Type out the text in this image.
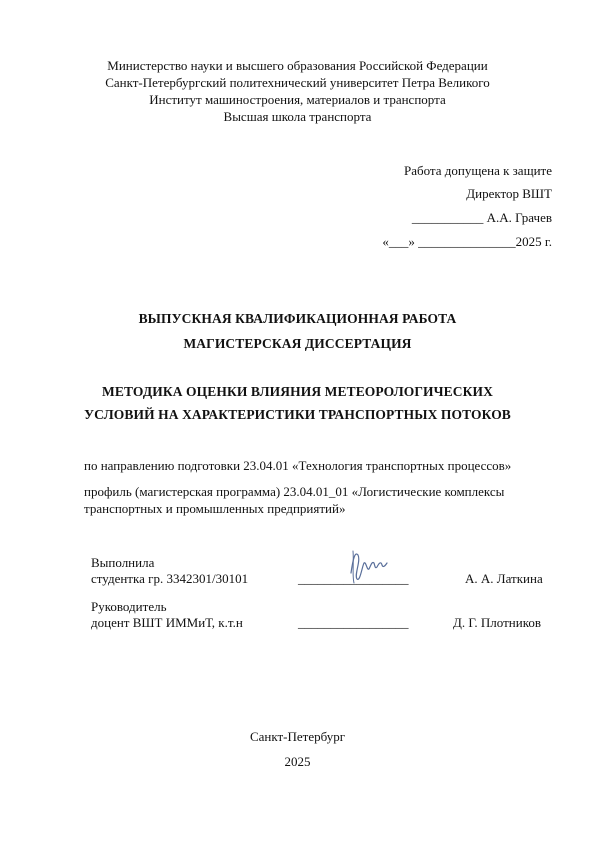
Министерство науки и высшего образования Российской Федерации
Санкт-Петербургский политехнический университет Петра Великого
Институт машиностроения, материалов и транспорта
Высшая школа транспорта
Работа допущена к защите
Директор ВШТ
___________ А.А. Грачев
«___» _______________2025 г.
ВЫПУСКНАЯ КВАЛИФИКАЦИОННАЯ РАБОТА
МАГИСТЕРСКАЯ ДИССЕРТАЦИЯ
МЕТОДИКА ОЦЕНКИ ВЛИЯНИЯ МЕТЕОРОЛОГИЧЕСКИХ
УСЛОВИЙ НА ХАРАКТЕРИСТИКИ ТРАНСПОРТНЫХ ПОТОКОВ
по направлению подготовки 23.04.01 «Технология транспортных процессов»
профиль (магистерская программа) 23.04.01_01 «Логистические комплексы
транспортных и промышленных предприятий»
Выполнила
студентка гр. 3342301/30101	_________________	А. А. Латкина
Руководитель
доцент ВШТ ИММиТ, к.т.н	_________________	Д. Г. Плотников
Санкт-Петербург
2025
